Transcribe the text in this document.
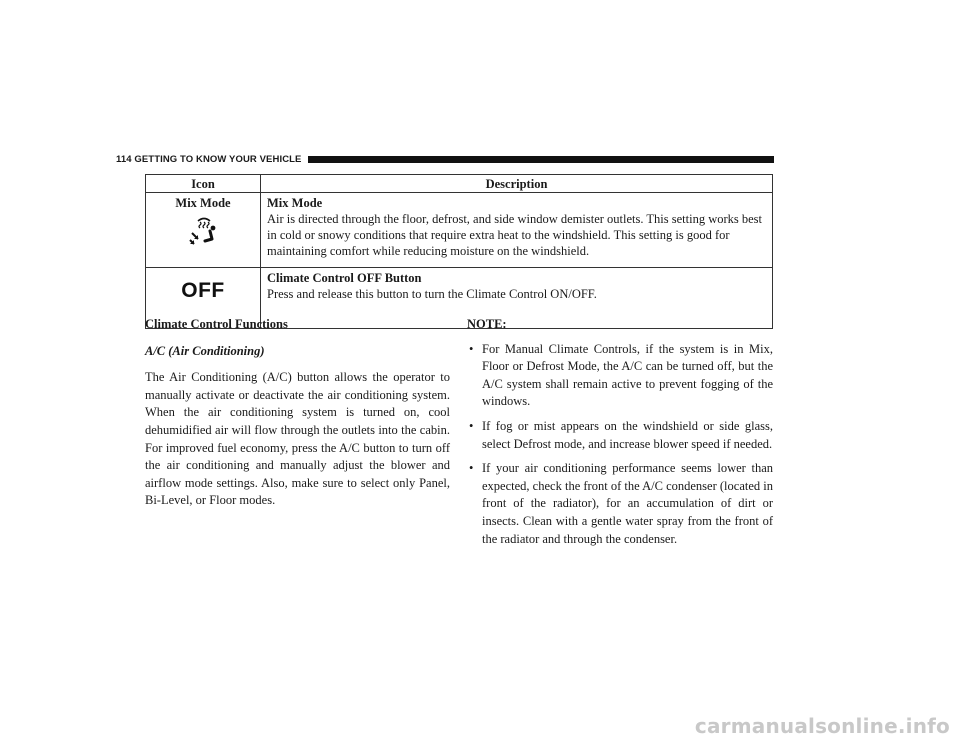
114 GETTING TO KNOW YOUR VEHICLE
Icon	Description

Mix Mode	Mix Mode
Air is directed through the floor, defrost, and side window demister outlets. This setting works best in cold or snowy conditions that require extra heat to the windshield. This setting is good for maintaining comfort while reducing moisture on the windshield.
OFF	Climate Control OFF Button
Press and release this button to turn the Climate Control ON/OFF.

Climate Control Functions

A/C (Air Conditioning)

The Air Conditioning (A/C) button allows the operator to manually activate or deactivate the air conditioning system. When the air conditioning system is turned on, cool dehumidified air will flow through the outlets into the cabin. For improved fuel economy, press the A/C button to turn off the air conditioning and manually adjust the blower and airflow mode settings. Also, make sure to select only Panel, Bi-Level, or Floor modes.

NOTE:

• For Manual Climate Controls, if the system is in Mix, Floor or Defrost Mode, the A/C can be turned off, but the A/C system shall remain active to prevent fogging of the windows.
• If fog or mist appears on the windshield or side glass, select Defrost mode, and increase blower speed if needed.
• If your air conditioning performance seems lower than expected, check the front of the A/C condenser (located in front of the radiator), for an accumulation of dirt or insects. Clean with a gentle water spray from the front of the radiator and through the condenser.
carmanualsonline.info
